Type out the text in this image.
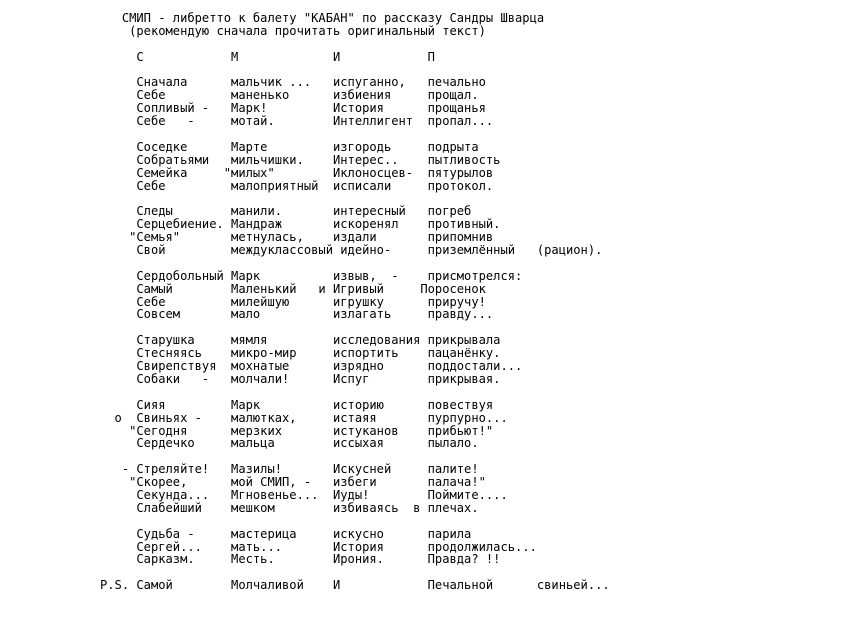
СМИП - либретто к балету "КАБАН" по рассказу Сандры Шварца
(рекомендую сначала прочитать оригинальный текст)
С            М             И            П
Сначала      мальчик ...   испуганно,   печально
Себе         маненько      избиения     прощал.
Сопливый -   Марк!         История      прощанья
Себе   -     мотай.        Интеллигент  пропал...
Соседке      Марте         изгородь     подрыта
Собратьями   мильчишки.    Интерес..    пытливость
Семейка     "милых"        Иклоносцев-  пятурылов
Себе         малоприятный  исписали     протокол.
Следы        манили.       интересный   погреб
Серцебиение. Мандраж       искоренял    противный.
"Семья"       метнулась,    издали       припомнив
Свой         междуклассовый идейно-     приземлённый   (рацион).
Сердобольный Марк          извыв,  -    присмотрелся:
Самый        Маленький   и Игривый     Поросенок
Себе         милейшую      игрушку      приручу!
Совсем       мало          излагать     правду...
Старушка     мямля         исследования прикрывала
Стесняясь    микро-мир     испортить    пацанёнку.
Свирепствуя  мохнатые      изрядно      поддостали...
Собаки   -   молчали!      Испуг        прикрывая.
Сияя         Марк          историю      повествуя
о  Свиньях -    малютках,     истаяя       пурпурно...
"Сегодня      мерзких       истуканов    прибьют!"
Сердечко     мальца        иссыхая      пылало.
- Стреляйте!   Мазилы!       Искусней     палите!
"Скорее,      мой СМИП, -   избеги       палача!"
Секунда...   Мгновенье...  Иуды!        Поймите....
Слабейший    мешком        избиваясь  в плечах.
Судьба -     мастерица     искусно      парила
Сергей...    мать...       История      продолжилась...
Сарказм.     Месть.        Ирония.      Правда? !!
P.S. Самой        Молчаливой    И            Печальной      свиньей...
